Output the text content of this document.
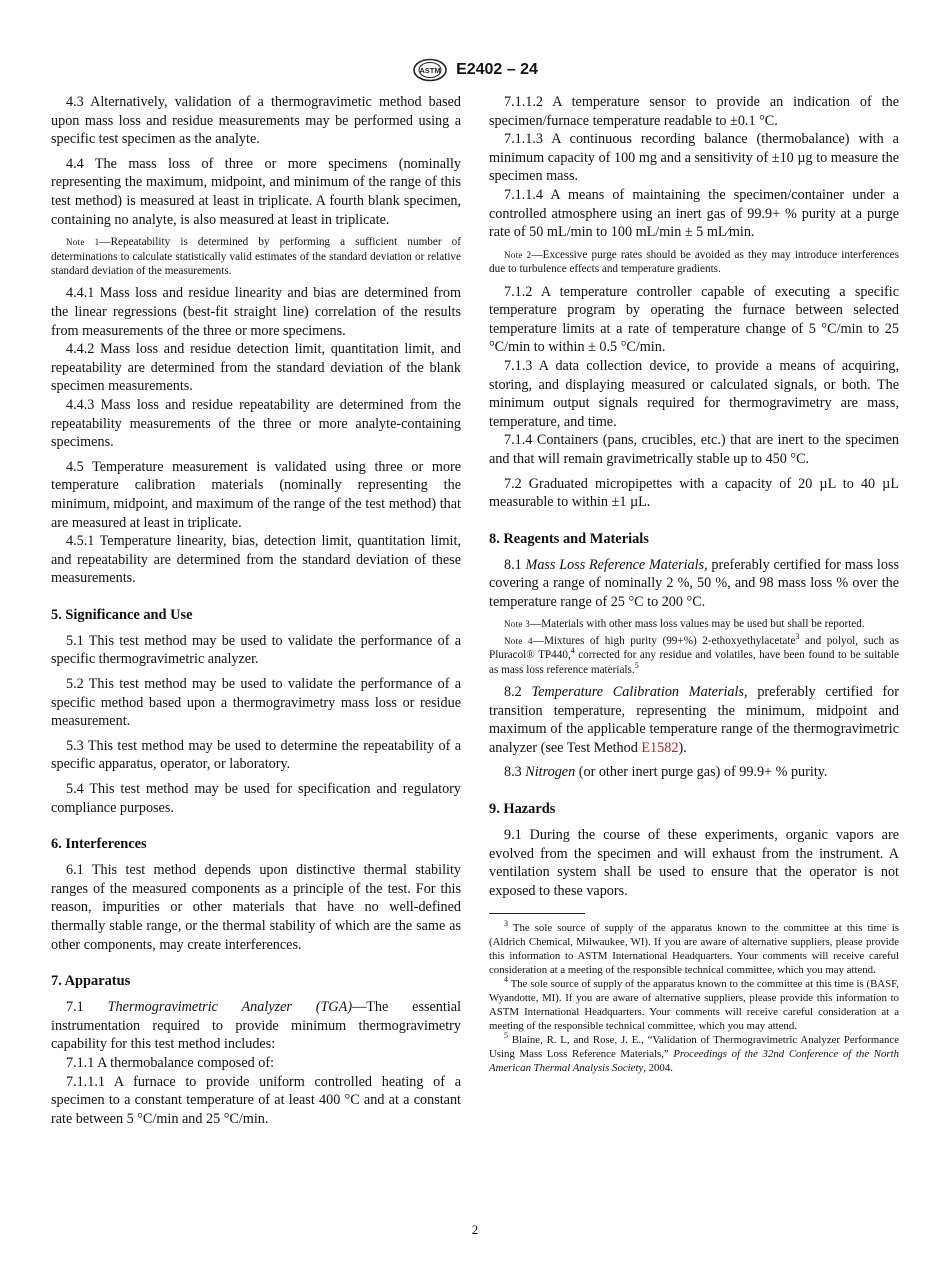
ASTM E2402 – 24

4.3 Alternatively, validation of a thermogravimetic method based upon mass loss and residue measurements may be performed using a specific test specimen as the analyte.

4.4 The mass loss of three or more specimens (nominally representing the maximum, midpoint, and minimum of the range of this test method) is measured at least in triplicate. A fourth blank specimen, containing no analyte, is also measured at least in triplicate.

Note 1—Repeatability is determined by performing a sufficient number of determinations to calculate statistically valid estimates of the standard deviation or relative standard deviation of the measurements.

4.4.1 Mass loss and residue linearity and bias are determined from the linear regressions (best-fit straight line) correlation of the results from measurements of the three or more specimens.

4.4.2 Mass loss and residue detection limit, quantitation limit, and repeatability are determined from the standard deviation of the blank specimen measurements.

4.4.3 Mass loss and residue repeatability are determined from the repeatability measurements of the three or more analyte-containing specimens.

4.5 Temperature measurement is validated using three or more temperature calibration materials (nominally representing the minimum, midpoint, and maximum of the range of the test method) that are measured at least in triplicate.

4.5.1 Temperature linearity, bias, detection limit, quantitation limit, and repeatability are determined from the standard deviation of these measurements.

5. Significance and Use

5.1 This test method may be used to validate the performance of a specific thermogravimetric analyzer.

5.2 This test method may be used to validate the performance of a specific method based upon a thermogravimetry mass loss or residue measurement.

5.3 This test method may be used to determine the repeatability of a specific apparatus, operator, or laboratory.

5.4 This test method may be used for specification and regulatory compliance purposes.

6. Interferences

6.1 This test method depends upon distinctive thermal stability ranges of the measured components as a principle of the test. For this reason, impurities or other materials that have no well-defined thermally stable range, or the thermal stability of which are the same as other components, may create interferences.

7. Apparatus

7.1 Thermogravimetric Analyzer (TGA)—The essential instrumentation required to provide minimum thermogravimetry capability for this test method includes:

7.1.1 A thermobalance composed of:

7.1.1.1 A furnace to provide uniform controlled heating of a specimen to a constant temperature of at least 400 °C and at a constant rate between 5 °C/min and 25 °C/min.

7.1.1.2 A temperature sensor to provide an indication of the specimen/furnace temperature readable to ±0.1 °C.

7.1.1.3 A continuous recording balance (thermobalance) with a minimum capacity of 100 mg and a sensitivity of ±10 µg to measure the specimen mass.

7.1.1.4 A means of maintaining the specimen/container under a controlled atmosphere using an inert gas of 99.9+ % purity at a purge rate of 50 mL/min to 100 mL/min ± 5 mL⁄min.

Note 2—Excessive purge rates should be avoided as they may introduce interferences due to turbulence effects and temperature gradients.

7.1.2 A temperature controller capable of executing a specific temperature program by operating the furnace between selected temperature limits at a rate of temperature change of 5 °C/min to 25 °C/min to within ± 0.5 °C/min.

7.1.3 A data collection device, to provide a means of acquiring, storing, and displaying measured or calculated signals, or both. The minimum output signals required for thermogravimetry are mass, temperature, and time.

7.1.4 Containers (pans, crucibles, etc.) that are inert to the specimen and that will remain gravimetrically stable up to 450 °C.

7.2 Graduated micropipettes with a capacity of 20 µL to 40 µL measurable to within ±1 µL.

8. Reagents and Materials

8.1 Mass Loss Reference Materials, preferably certified for mass loss covering a range of nominally 2 %, 50 %, and 98 mass loss % over the temperature range of 25 °C to 200 °C.

Note 3—Materials with other mass loss values may be used but shall be reported.
Note 4—Mixtures of high purity (99+%) 2-ethoxyethylacetate$^3$ and polyol, such as Pluracol® TP440,$^4$ corrected for any residue and volatiles, have been found to be suitable as mass loss reference materials.$^5$

8.2 Temperature Calibration Materials, preferably certified for transition temperature, representing the minimum, midpoint and maximum of the applicable temperature range of the thermogravimetric analyzer (see Test Method E1582).

8.3 Nitrogen (or other inert purge gas) of 99.9+ % purity.

9. Hazards

9.1 During the course of these experiments, organic vapors are evolved from the specimen and will exhaust from the instrument. A ventilation system shall be used to ensure that the operator is not exposed to these vapors.

$^3$ The sole source of supply of the apparatus known to the committee at this time is (Aldrich Chemical, Milwaukee, WI). If you are aware of alternative suppliers, please provide this information to ASTM International Headquarters. Your comments will receive careful consideration at a meeting of the responsible technical committee, which you may attend.

$^4$ The sole source of supply of the apparatus known to the committee at this time is (BASF, Wyandotte, MI). If you are aware of alternative suppliers, please provide this information to ASTM International Headquarters. Your comments will receive careful consideration at a meeting of the responsible technical committee, which you may attend.

$^5$ Blaine, R. L, and Rose, J. E., “Validation of Thermogravimetric Analyzer Performance Using Mass Loss Reference Materials,” Proceedings of the 32nd Conference of the North American Thermal Analysis Society, 2004.

2
